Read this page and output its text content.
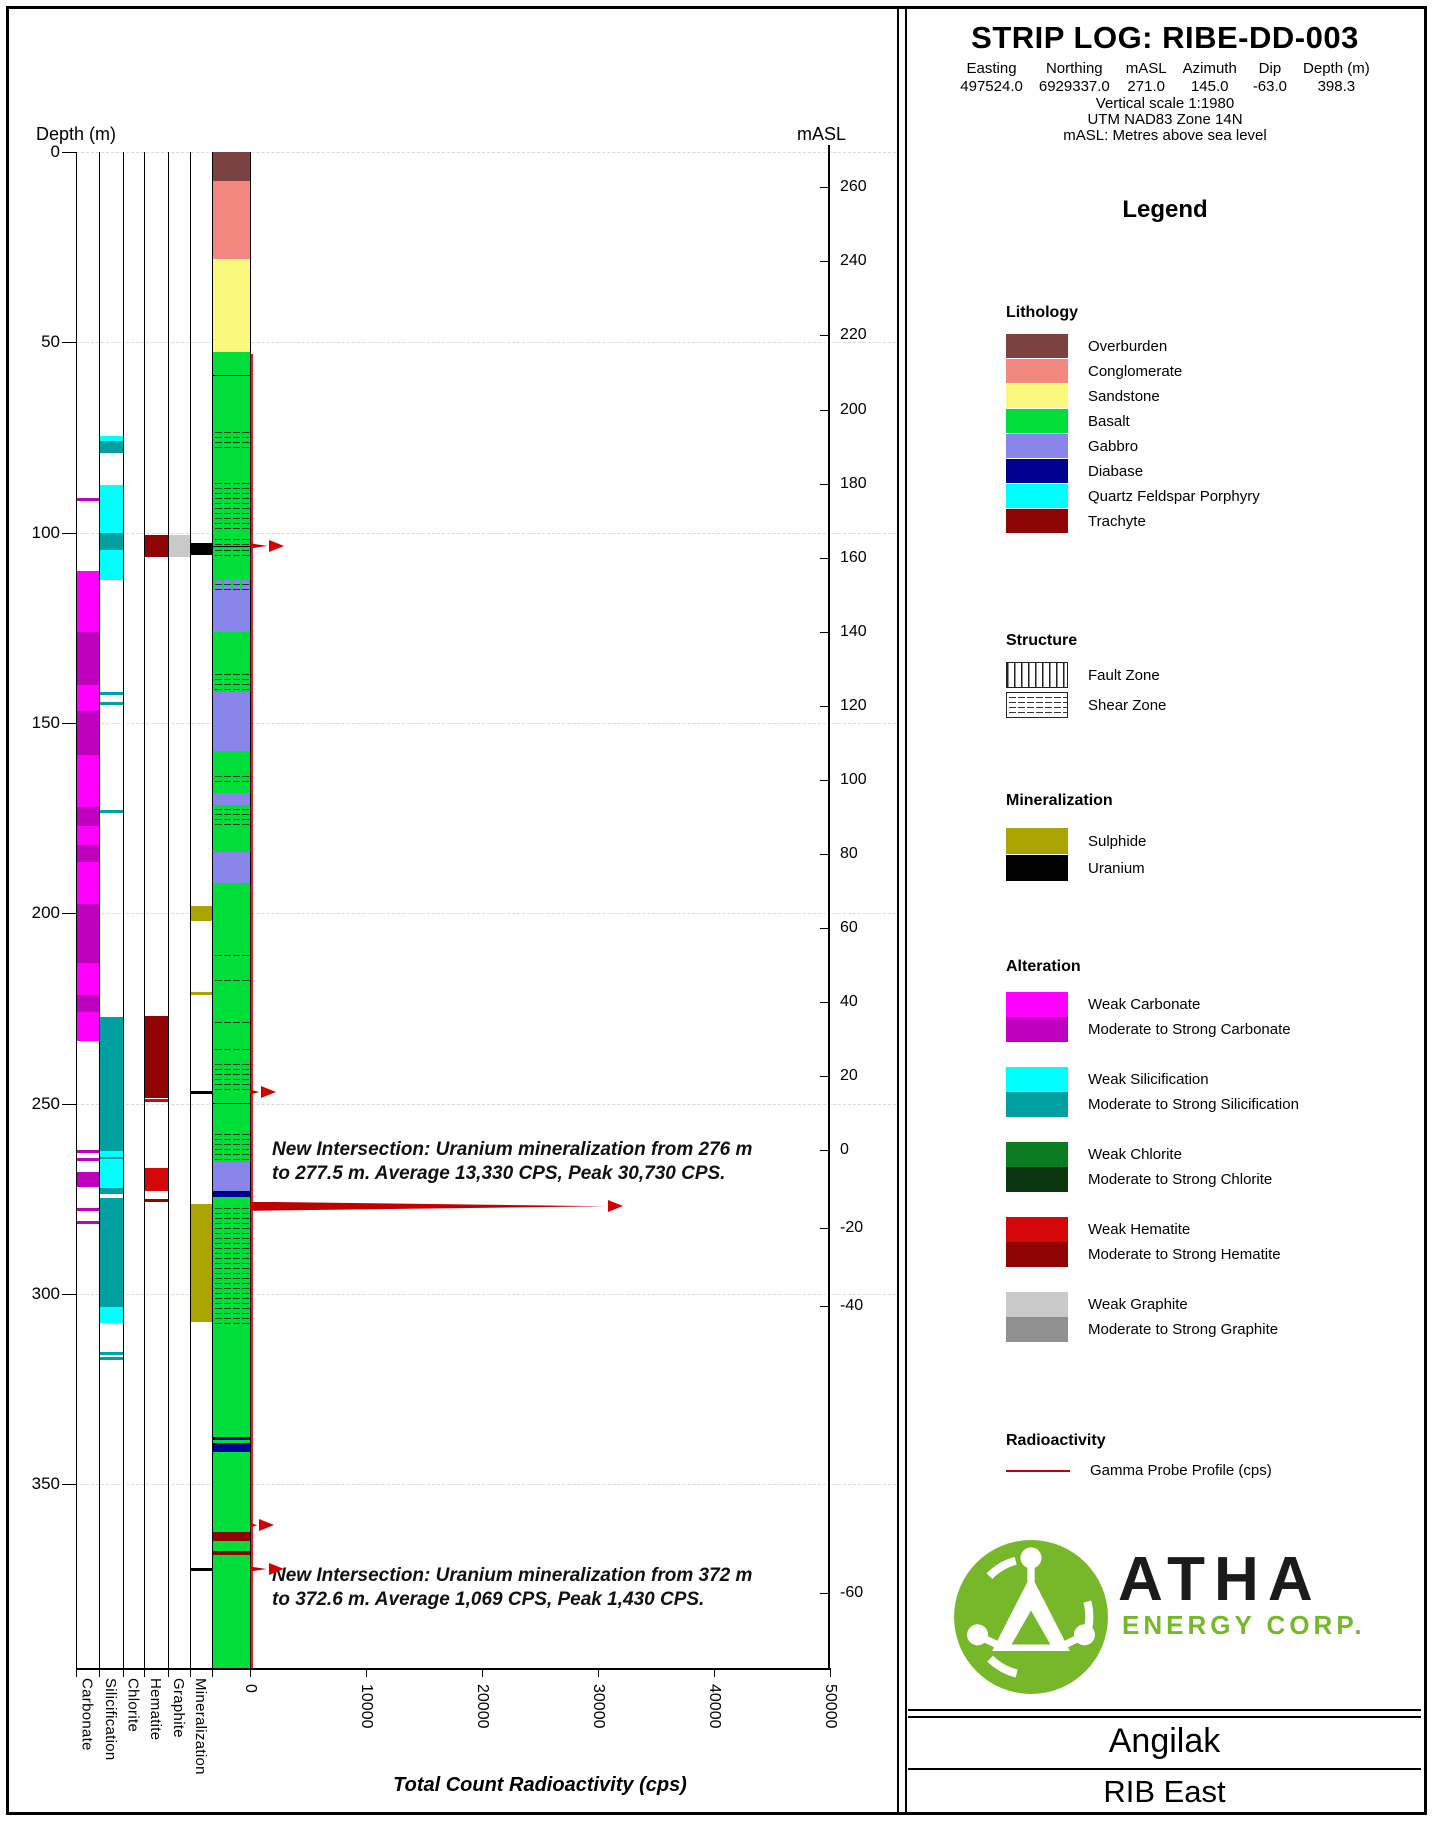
Depth (m)	mASL
Total Count Radioactivity (cps)
New Intersection: Uranium mineralization from 276 m
to 277.5 m. Average 13,330 CPS, Peak 30,730 CPS.
New Intersection: Uranium mineralization from 372 m
to 372.6 m. Average 1,069 CPS, Peak 1,430 CPS.
STRIP LOG: RIBE-DD-003
Easting
497524.0
Northing
6929337.0
mASL
271.0
Azimuth
145.0
Dip
-63.0
Depth (m)
398.3
Vertical scale 1:1980
UTM NAD83 Zone 14N
mASL: Metres above sea level
Legend
Lithology
Overburden
Conglomerate
Sandstone
Basalt
Gabbro
Diabase
Quartz Feldspar Porphyry
Trachyte
Structure
Fault Zone
Shear Zone
Mineralization
Sulphide
Uranium
Alteration
Weak Carbonate
Moderate to Strong Carbonate
Weak Silicification
Moderate to Strong Silicification
Weak Chlorite
Moderate to Strong Chlorite
Weak Hematite
Moderate to Strong Hematite
Weak Graphite
Moderate to Strong Graphite
Radioactivity
Gamma Probe Profile (cps)
ATHA
ENERGY CORP.
Angilak
RIB East
0
50
100
150
200
250
300
350
260
240
220
200
180
160
140
120
100
80
60
40
20
0
-20
-40
-60
0	10000	20000	30000	40000	50000
Carbonate Silicification Chlorite Hematite Graphite Mineralization
